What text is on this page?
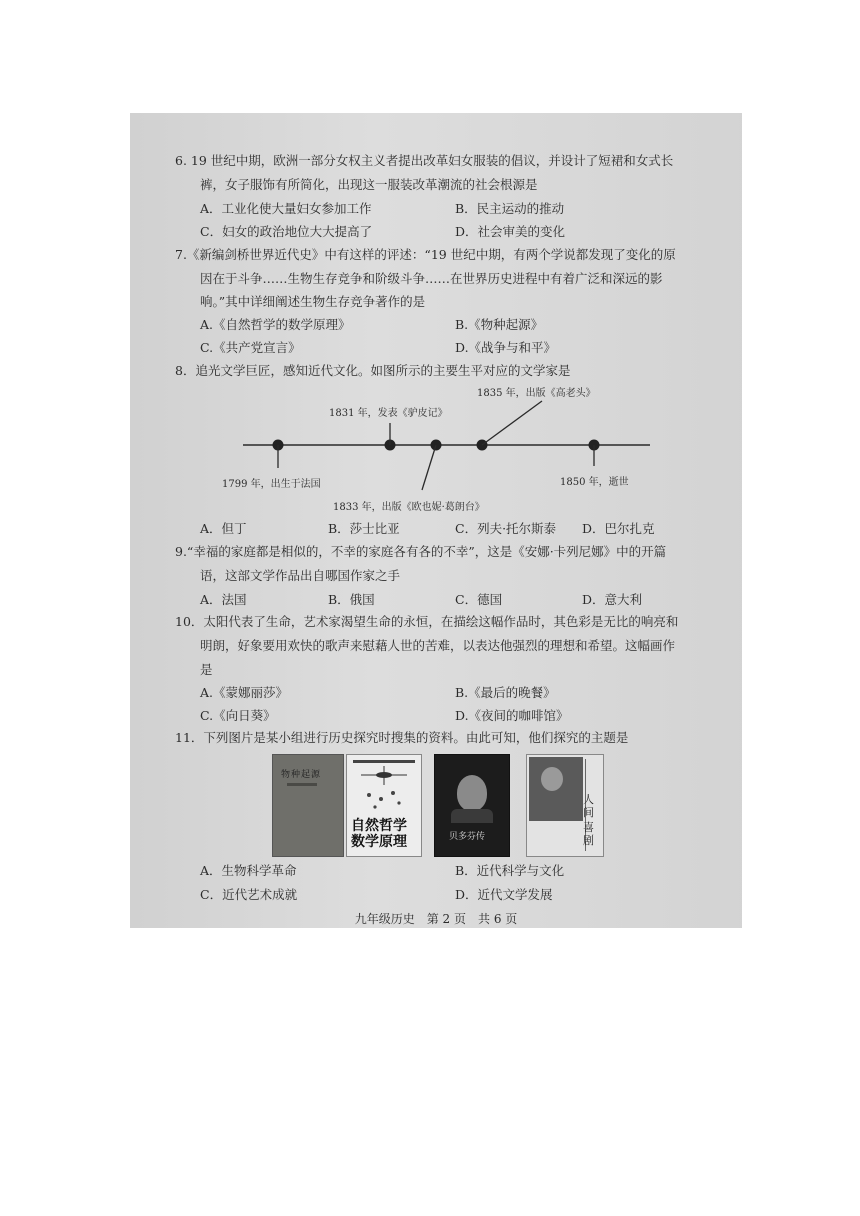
6. 19 世纪中期，欧洲一部分女权主义者提出改革妇女服装的倡议，并设计了短裙和女式长
裤，女子服饰有所简化，出现这一服装改革潮流的社会根源是
A．工业化使大量妇女参加工作	B．民主运动的推动
C．妇女的政治地位大大提高了	D．社会审美的变化
7.《新编剑桥世界近代史》中有这样的评述：“19 世纪中期，有两个学说都发现了变化的原
因在于斗争……生物生存竞争和阶级斗争……在世界历史进程中有着广泛和深远的影
响。”其中详细阐述生物生存竞争著作的是
A.《自然哲学的数学原理》	B.《物种起源》
C.《共产党宣言》	D.《战争与和平》
8．追光文学巨匠，感知近代文化。如图所示的主要生平对应的文学家是
1831 年，发表《驴皮记》
1835 年，出版《高老头》
1799 年，出生于法国	1850 年，逝世
1833 年，出版《欧也妮·葛朗台》
A．但丁	B．莎士比亚	C．列夫·托尔斯泰 D．巴尔扎克
9.“幸福的家庭都是相似的，不幸的家庭各有各的不幸”，这是《安娜·卡列尼娜》中的开篇
语，这部文学作品出自哪国作家之手
A．法国	B．俄国	C．德国	D．意大利
10．太阳代表了生命，艺术家渴望生命的永恒，在描绘这幅作品时，其色彩是无比的响亮和
明朗，好象要用欢快的歌声来慰藉人世的苦难，以表达他强烈的理想和希望。这幅画作
是
A.《蒙娜丽莎》	B.《最后的晚餐》
C.《向日葵》	D.《夜间的咖啡馆》
11．下列图片是某小组进行历史探究时搜集的资料。由此可知，他们探究的主题是
物种起源
自然哲学
数学原理	贝多芬传
人间
喜剧
A．生物科学革命	B．近代科学与文化
C．近代艺术成就	D．近代文学发展
九年级历史　第 2 页　共 6 页
